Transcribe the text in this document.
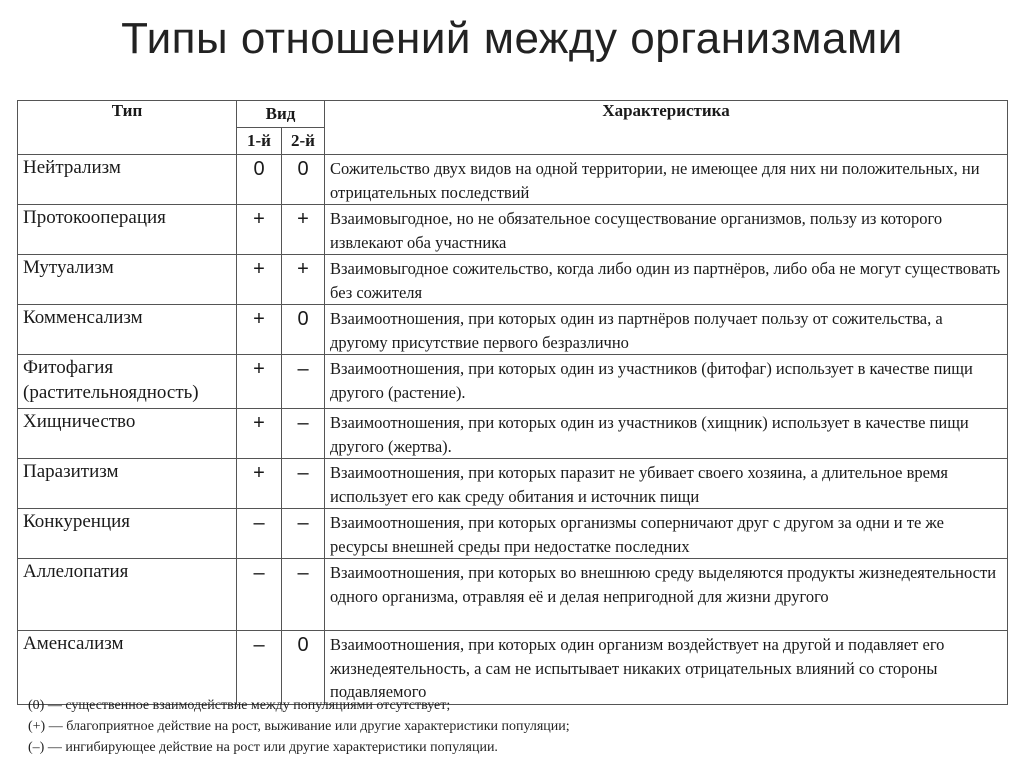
Типы отношений между организмами
Тип	Вид		Характеристика
	1-й	2-й	
Нейтрализм	0	0	Сожительство двух видов на одной территории, не имеющее для них ни положительных, ни отрицательных последствий
Протокооперация	+	+	Взаимовыгодное, но не обязательное сосуществование организмов, пользу из которого извлекают оба участника
Мутуализм	+	+	Взаимовыгодное сожительство, когда либо один из партнёров, либо оба не могут существовать без сожителя
Комменсализм	+	0	Взаимоотношения, при которых один из партнёров получает пользу от сожительства, а другому присутствие первого безразлично
Фитофагия (растительноядность)	+	–	Взаимоотношения, при которых один из участников (фитофаг) использует в качестве пищи другого (растение).
Хищничество	+	–	Взаимоотношения, при которых один из участников (хищник) использует в качестве пищи другого (жертва).
Паразитизм	+	–	Взаимоотношения, при которых паразит не убивает своего хозяина, а длительное время использует его как среду обитания и источник пищи
Конкуренция	–	–	Взаимоотношения, при которых организмы соперничают друг с другом за одни и те же ресурсы внешней среды при недостатке последних
Аллелопатия	–	–	Взаимоотношения, при которых во внешнюю среду выделяются продукты жизнедеятельности одного организма, отравляя её и делая непригодной для жизни другого
Аменсализм	–	0	Взаимоотношения, при которых один организм воздействует на другой и подавляет его жизнедеятельность, а сам не испытывает никаких отрицательных влияний со стороны подавляемого
(0) — существенное взаимодействие между популяциями отсутствует;
(+) — благоприятное действие на рост, выживание или другие характеристики популяции;
(–) — ингибирующее действие на рост или другие характеристики популяции.
